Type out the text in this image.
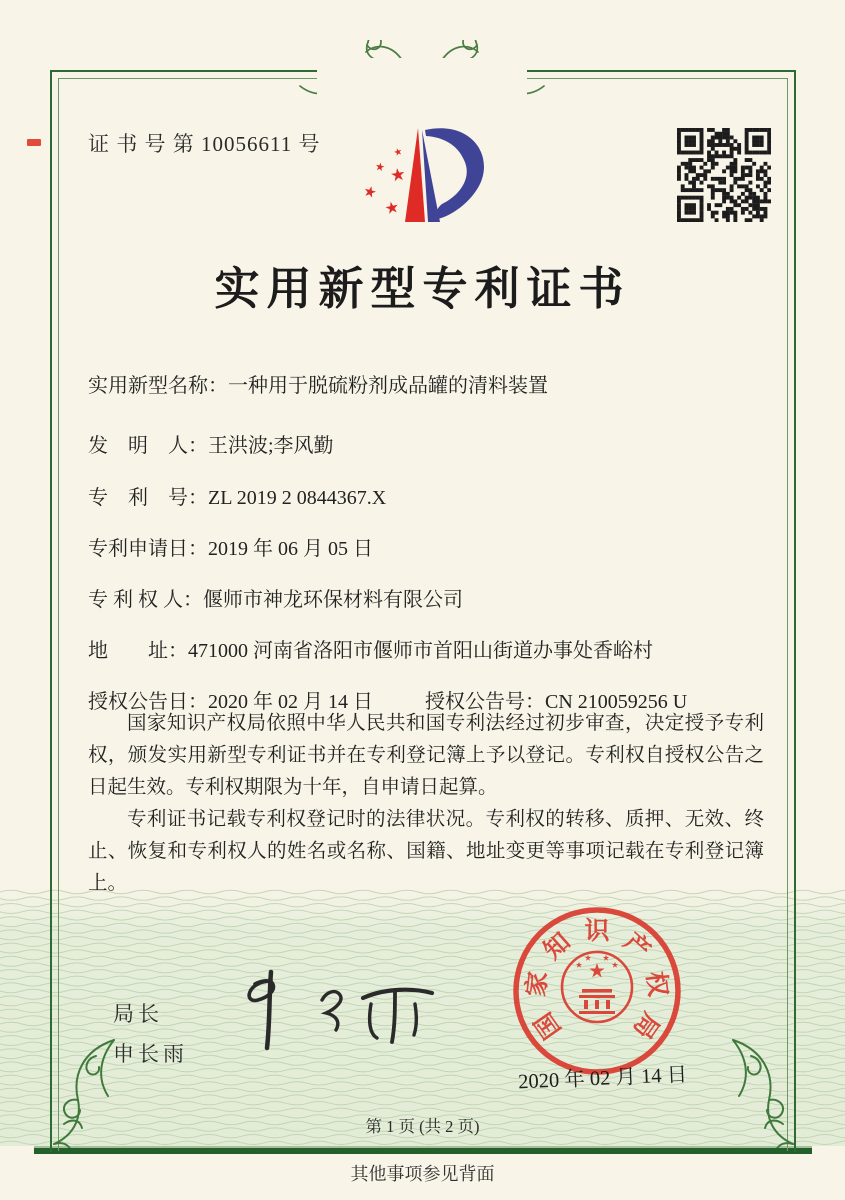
证 书 号 第 10056611 号
实用新型专利证书
实用新型名称：一种用于脱硫粉剂成品罐的清料装置
发　明　人：王洪波;李风勤
专　利　号：ZL 2019 2 0844367.X
专利申请日：2019 年 06 月 05 日
专 利 权 人：偃师市神龙环保材料有限公司
地　　址：471000 河南省洛阳市偃师市首阳山街道办事处香峪村
授权公告日：2020 年 02 月 14 日	授权公告号：CN 210059256 U

国家知识产权局依照中华人民共和国专利法经过初步审查，决定授予专利权，颁发实用新型专利证书并在专利登记簿上予以登记。专利权自授权公告之日起生效。专利权期限为十年，自申请日起算。

专利证书记载专利权登记时的法律状况。专利权的转移、质押、无效、终止、恢复和专利权人的姓名或名称、国籍、地址变更等事项记载在专利登记簿上。

局长
申长雨
国
家
知 识 产
权
局
2020 年 02 月 14 日
第 1 页 (共 2 页)
其他事项参见背面
